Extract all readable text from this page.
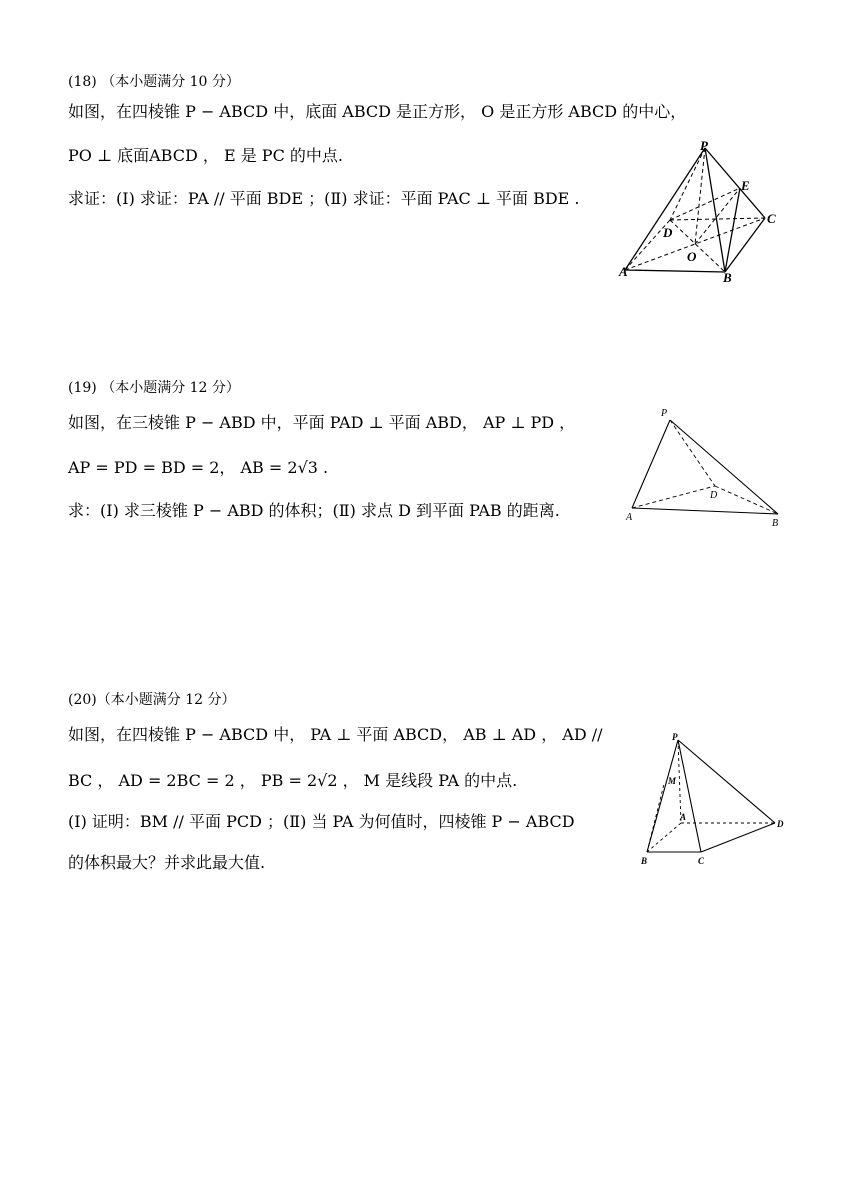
(18) （本小题满分 10 分）
如图，在四棱锥 P − ABCD 中，底面 ABCD 是正方形， O 是正方形 ABCD 的中心，
PO ⊥ 底面ABCD ， E 是 PC 的中点.
求证：(Ⅰ) 求证：PA // 平面 BDE ；(Ⅱ) 求证：平面 PAC ⊥ 平面 BDE .
P
E
C
D
O
A	B
(19) （本小题满分 12 分）
如图，在三棱锥 P − ABD 中，平面 PAD ⊥ 平面 ABD， AP ⊥ PD ，
AP = PD = BD = 2， AB = 2√3 .
求：(Ⅰ) 求三棱锥 P − ABD 的体积；(Ⅱ) 求点 D 到平面 PAB 的距离.
P
D
A
B
(20)（本小题满分 12 分）
如图，在四棱锥 P − ABCD 中， PA ⊥ 平面 ABCD， AB ⊥ AD ， AD //
BC ， AD = 2BC = 2 ， PB = 2√2 ， M 是线段 PA 的中点.
(Ⅰ) 证明：BM // 平面 PCD ；(Ⅱ) 当 PA 为何值时，四棱锥 P − ABCD
的体积最大？并求此最大值.
P
M
A
D
B	C
